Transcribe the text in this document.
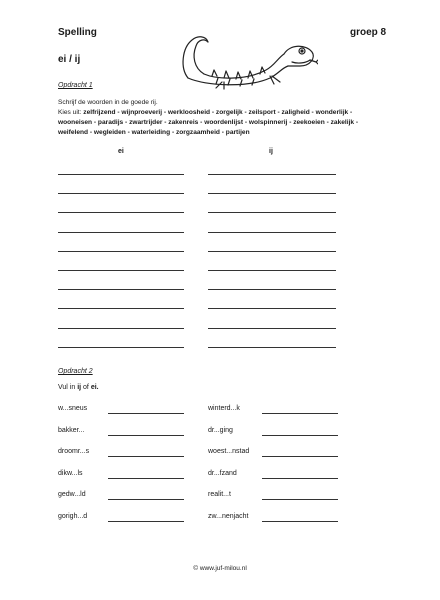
Spelling	groep 8
ei / ij
Opdracht 1
Schrijf de woorden in de goede rij.
Kies uit: zelfrijzend - wijnproeverij - werkloosheid - zorgelijk - zeilsport - zaligheid - wonderlijk - wooneisen - paradijs - zwartrijder - zakenreis - woordenlijst - wolspinnerij - zeekoeien - zakelijk - weifelend - wegleiden - waterleiding - zorgzaamheid - partijen
ei	ij
Opdracht 2
Vul in ij of ei.
w...sneus	winterd...k
bakker...	dr...ging
droomr...s	woest...nstad
dikw...ls	dr...fzand
gedw...ld	realit...t
gorigh...d	zw...nenjacht
© www.juf-milou.nl
